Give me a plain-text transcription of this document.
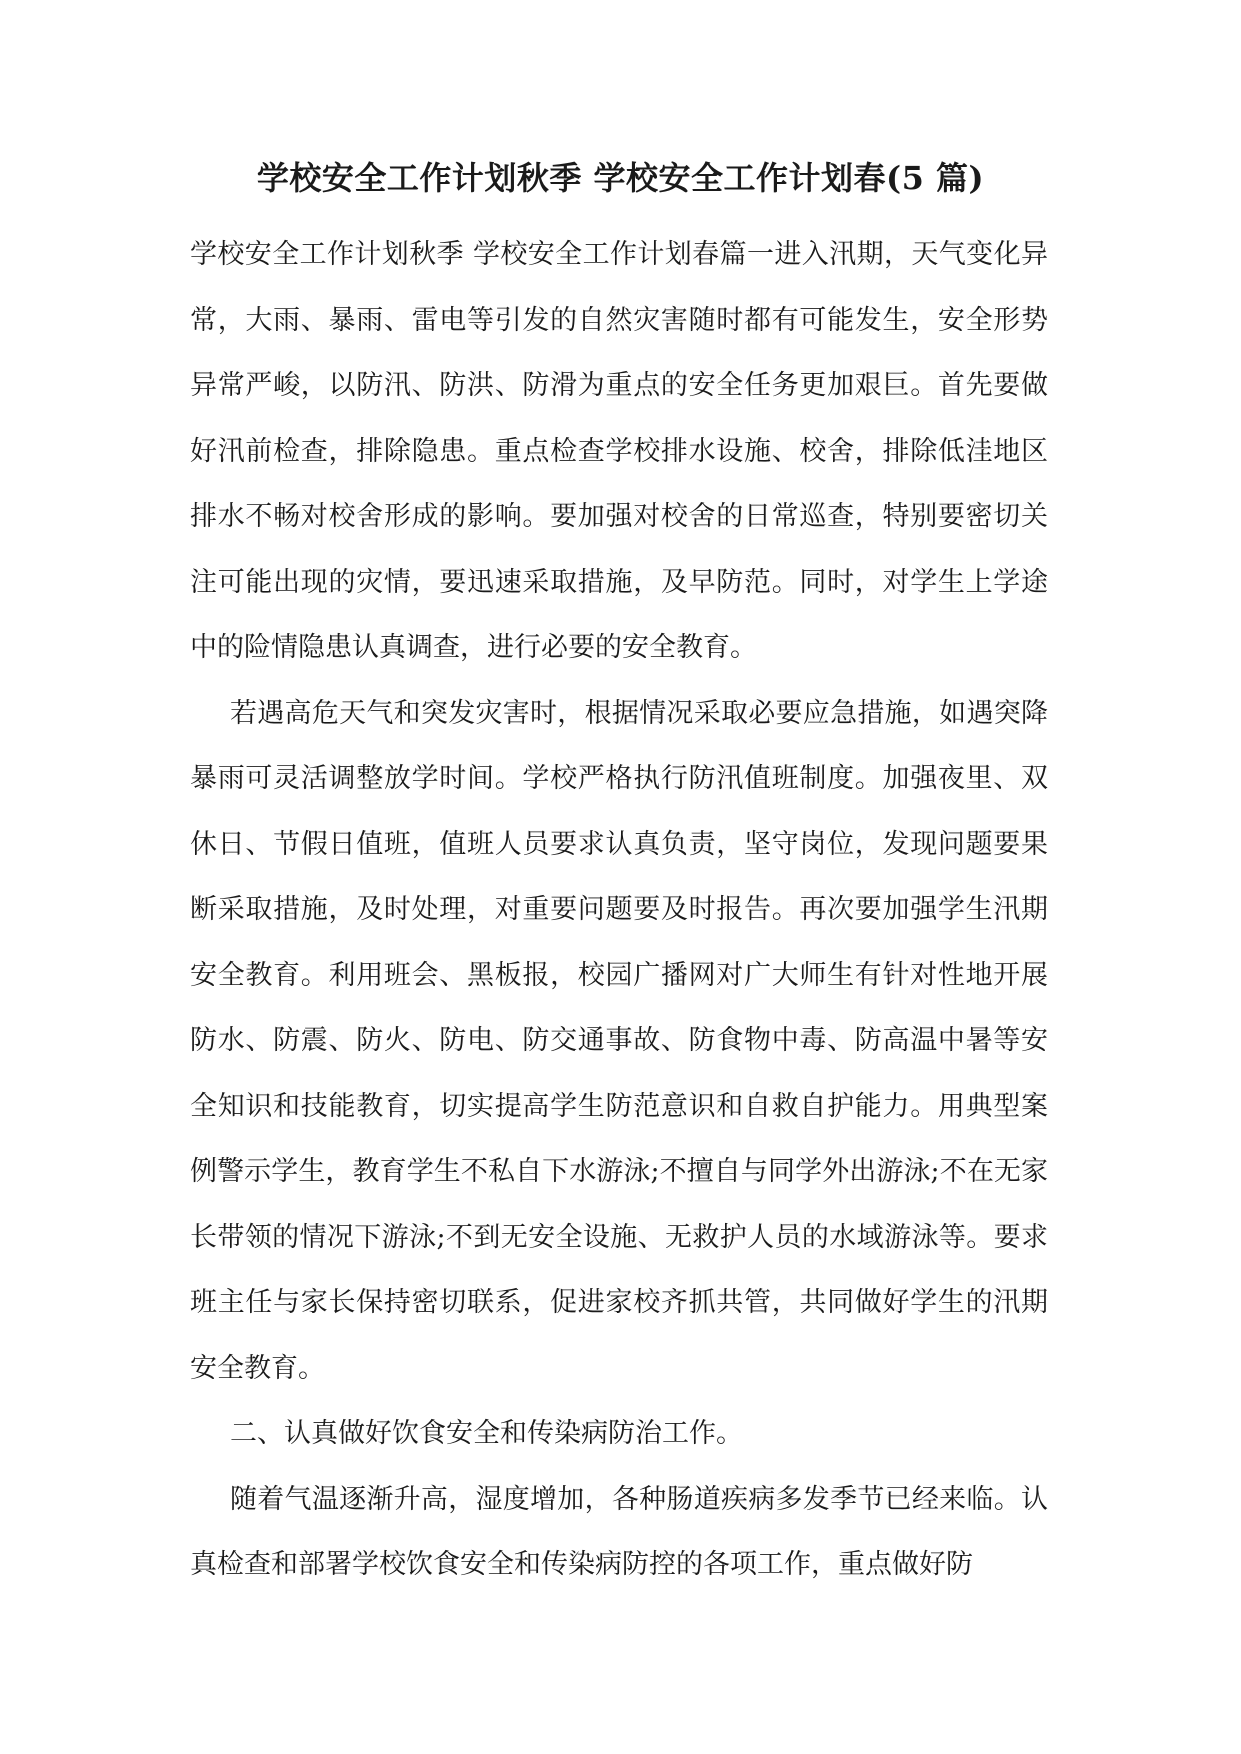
学校安全工作计划秋季 学校安全工作计划春(5 篇)

学校安全工作计划秋季 学校安全工作计划春篇一进入汛期，天气变化异常，大雨、暴雨、雷电等引发的自然灾害随时都有可能发生，安全形势异常严峻，以防汛、防洪、防滑为重点的安全任务更加艰巨。首先要做好汛前检查，排除隐患。重点检查学校排水设施、校舍，排除低洼地区排水不畅对校舍形成的影响。要加强对校舍的日常巡查，特别要密切关注可能出现的灾情，要迅速采取措施，及早防范。同时，对学生上学途中的险情隐患认真调查，进行必要的安全教育。

若遇高危天气和突发灾害时，根据情况采取必要应急措施，如遇突降暴雨可灵活调整放学时间。学校严格执行防汛值班制度。加强夜里、双休日、节假日值班，值班人员要求认真负责，坚守岗位，发现问题要果断采取措施，及时处理，对重要问题要及时报告。再次要加强学生汛期安全教育。利用班会、黑板报，校园广播网对广大师生有针对性地开展防水、防震、防火、防电、防交通事故、防食物中毒、防高温中暑等安全知识和技能教育，切实提高学生防范意识和自救自护能力。用典型案例警示学生，教育学生不私自下水游泳;不擅自与同学外出游泳;不在无家长带领的情况下游泳;不到无安全设施、无救护人员的水域游泳等。要求班主任与家长保持密切联系，促进家校齐抓共管，共同做好学生的汛期安全教育。

二、认真做好饮食安全和传染病防治工作。

随着气温逐渐升高，湿度增加，各种肠道疾病多发季节已经来临。认真检查和部署学校饮食安全和传染病防控的各项工作，重点做好防
